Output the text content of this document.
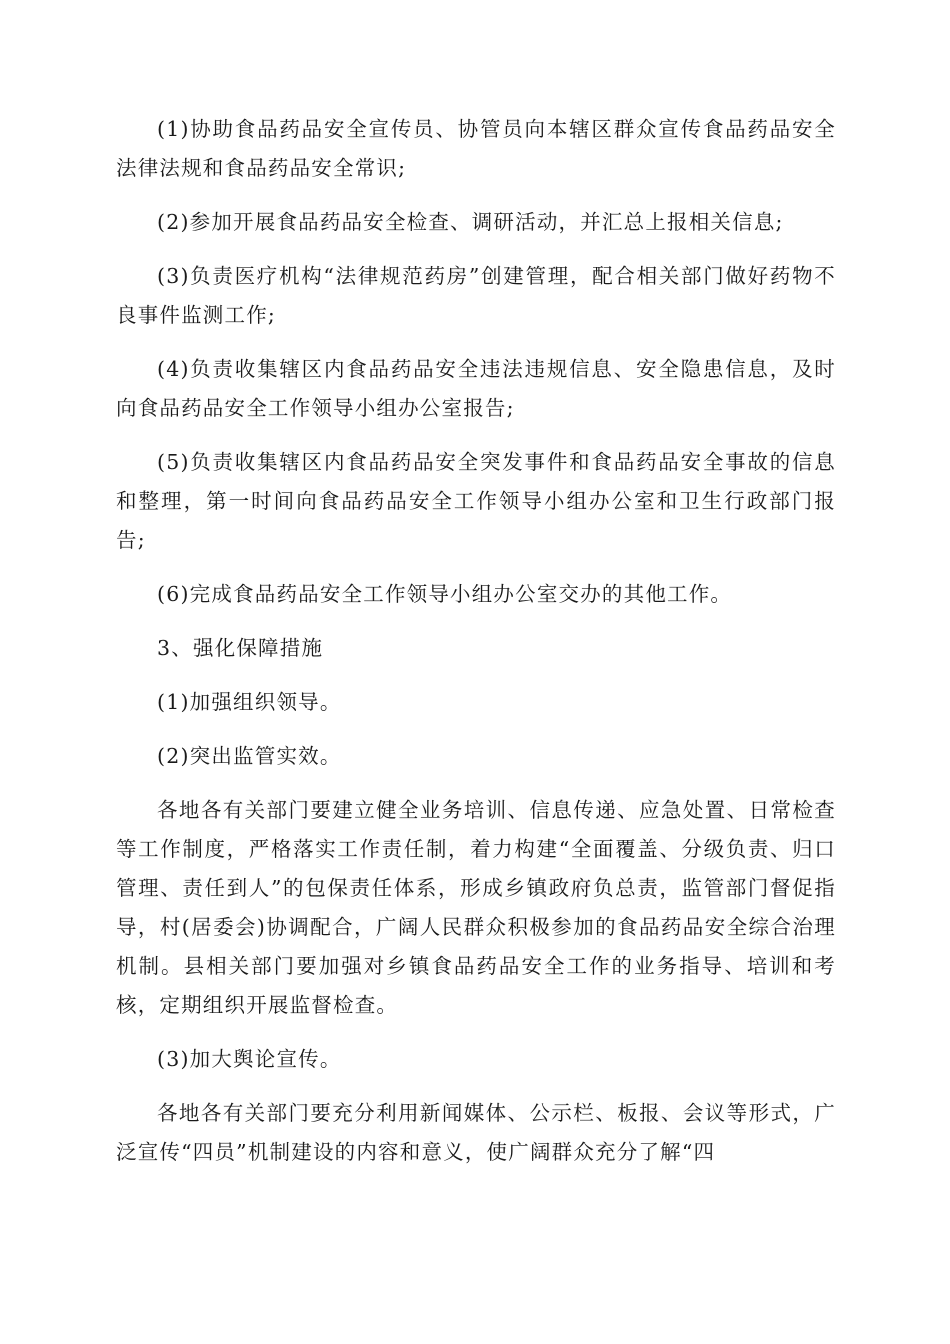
(1)协助食品药品安全宣传员、协管员向本辖区群众宣传食品药品安全法律法规和食品药品安全常识;

(2)参加开展食品药品安全检查、调研活动，并汇总上报相关信息;

(3)负责医疗机构“法律规范药房”创建管理，配合相关部门做好药物不良事件监测工作;

(4)负责收集辖区内食品药品安全违法违规信息、安全隐患信息，及时向食品药品安全工作领导小组办公室报告;

(5)负责收集辖区内食品药品安全突发事件和食品药品安全事故的信息和整理，第一时间向食品药品安全工作领导小组办公室和卫生行政部门报告;

(6)完成食品药品安全工作领导小组办公室交办的其他工作。

3、强化保障措施

(1)加强组织领导。

(2)突出监管实效。

各地各有关部门要建立健全业务培训、信息传递、应急处置、日常检查等工作制度，严格落实工作责任制，着力构建“全面覆盖、分级负责、归口管理、责任到人”的包保责任体系，形成乡镇政府负总责，监管部门督促指导，村(居委会)协调配合，广阔人民群众积极参加的食品药品安全综合治理机制。县相关部门要加强对乡镇食品药品安全工作的业务指导、培训和考核，定期组织开展监督检查。

(3)加大舆论宣传。

各地各有关部门要充分利用新闻媒体、公示栏、板报、会议等形式，广泛宣传“四员”机制建设的内容和意义，使广阔群众充分了解“四
